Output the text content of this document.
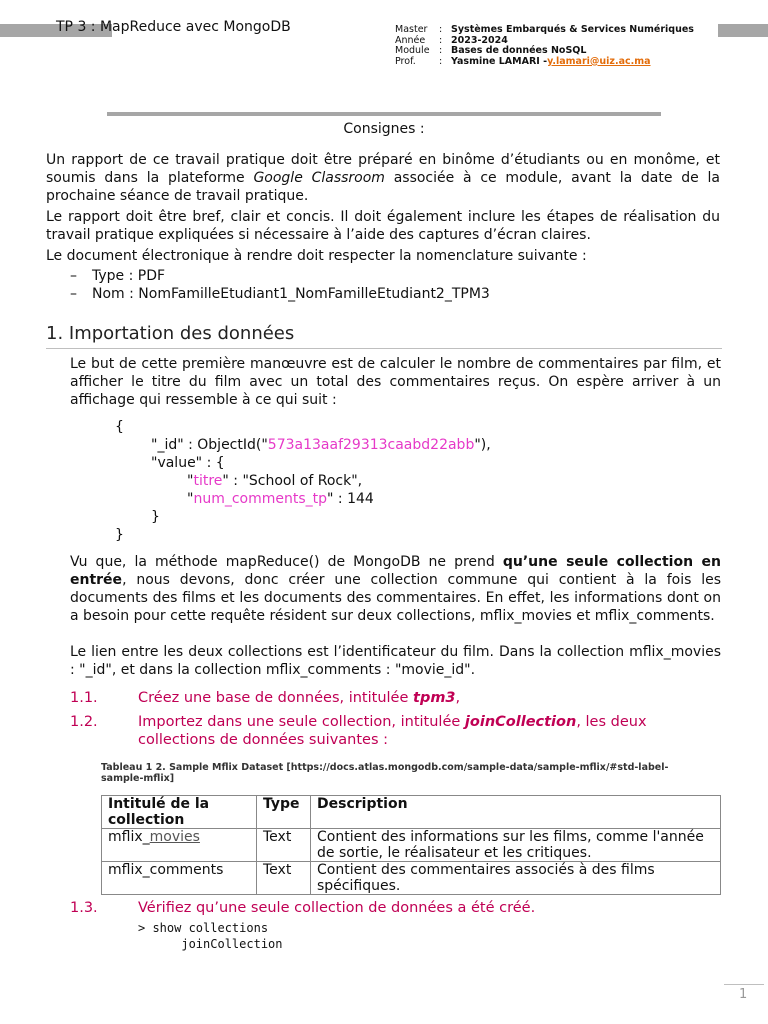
TP 3 : MapReduce avec MongoDB	Master	: Systèmes Embarqués & Services Numériques
Année	: 2023-2024
Module : Bases de données NoSQL
Prof.	: Yasmine LAMARI - y.lamari@uiz.ac.ma
Consignes :
Un rapport de ce travail pratique doit être préparé en binôme d’étudiants ou en monôme, et soumis dans la plateforme Google Classroom associée à ce module, avant la date de la prochaine séance de travail pratique.
Le rapport doit être bref, clair et concis. Il doit également inclure les étapes de réalisation du travail pratique expliquées si nécessaire à l’aide des captures d’écran claires.
Le document électronique à rendre doit respecter la nomenclature suivante :
– Type : PDF
– Nom : NomFamilleEtudiant1_NomFamilleEtudiant2_TPM3
1. Importation des données
Le but de cette première manœuvre est de calculer le nombre de commentaires par film, et afficher le titre du film avec un total des commentaires reçus. On espère arriver à un affichage qui ressemble à ce qui suit :
{
"_id" : ObjectId("573a13aaf29313caabd22abb"),
"value" : {
"titre" : "School of Rock",
"num_comments_tp" : 144
}
}
Vu que, la méthode mapReduce() de MongoDB ne prend qu’une seule collection en entrée, nous devons, donc créer une collection commune qui contient à la fois les documents des films et les documents des commentaires. En effet, les informations dont on a besoin pour cette requête résident sur deux collections, mflix_movies et mflix_comments.
Le lien entre les deux collections est l’identificateur du film. Dans la collection mflix_movies : "_id", et dans la collection mflix_comments : "movie_id".
1.1.	Créez une base de données, intitulée tpm3,
1.2.	Importez dans une seule collection, intitulée joinCollection, les deux
collections de données suivantes :
Tableau 1 2. Sample Mflix Dataset [https://docs.atlas.mongodb.com/sample-data/sample-mflix/#std-label-sample-mflix]
Intitulé de la collection	Type	Description
mflix_movies	Text	Contient des informations sur les films, comme l'année de sortie, le réalisateur et les critiques.
mflix_comments	Text	Contient des commentaires associés à des films spécifiques.
1.3.	Vérifiez qu’une seule collection de données a été créé.
> show collections
joinCollection
1
